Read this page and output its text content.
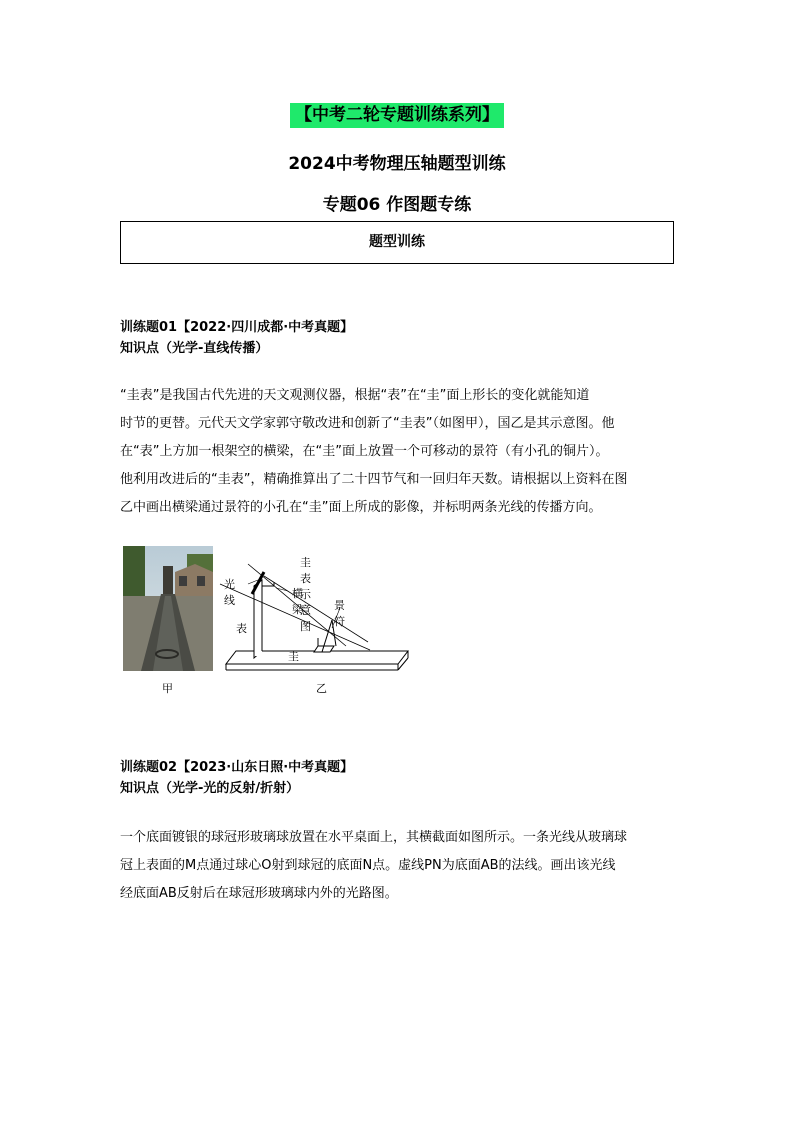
【中考二轮专题训练系列】
2024中考物理压轴题型训练
专题06 作图题专练
题型训练
训练题01【2022·四川成都·中考真题】
知识点（光学-直线传播）

“圭表”是我国古代先进的天文观测仪器，根据“表”在“圭”面上形长的变化就能知道
时节的更替。元代天文学家郭守敬改进和创新了“圭表”（如图甲），国乙是其示意图。他
在“表”上方加一根架空的横梁，在“圭”面上放置一个可移动的景符（有小孔的铜片）。
他利用改进后的“圭表”，精确推算出了二十四节气和一回归年天数。请根据以上资料在图
乙中画出横梁通过景符的小孔在“圭”面上所成的影像，并标明两条光线的传播方向。

甲
圭表示意图
光线
横梁	景符
表
圭
乙
训练题02【2023·山东日照·中考真题】
知识点（光学-光的反射/折射）

一个底面镀银的球冠形玻璃球放置在水平桌面上，其横截面如图所示。一条光线从玻璃球
冠上表面的M点通过球心O射到球冠的底面N点。虚线PN为底面AB的法线。画出该光线
经底面AB反射后在球冠形玻璃球内外的光路图。
